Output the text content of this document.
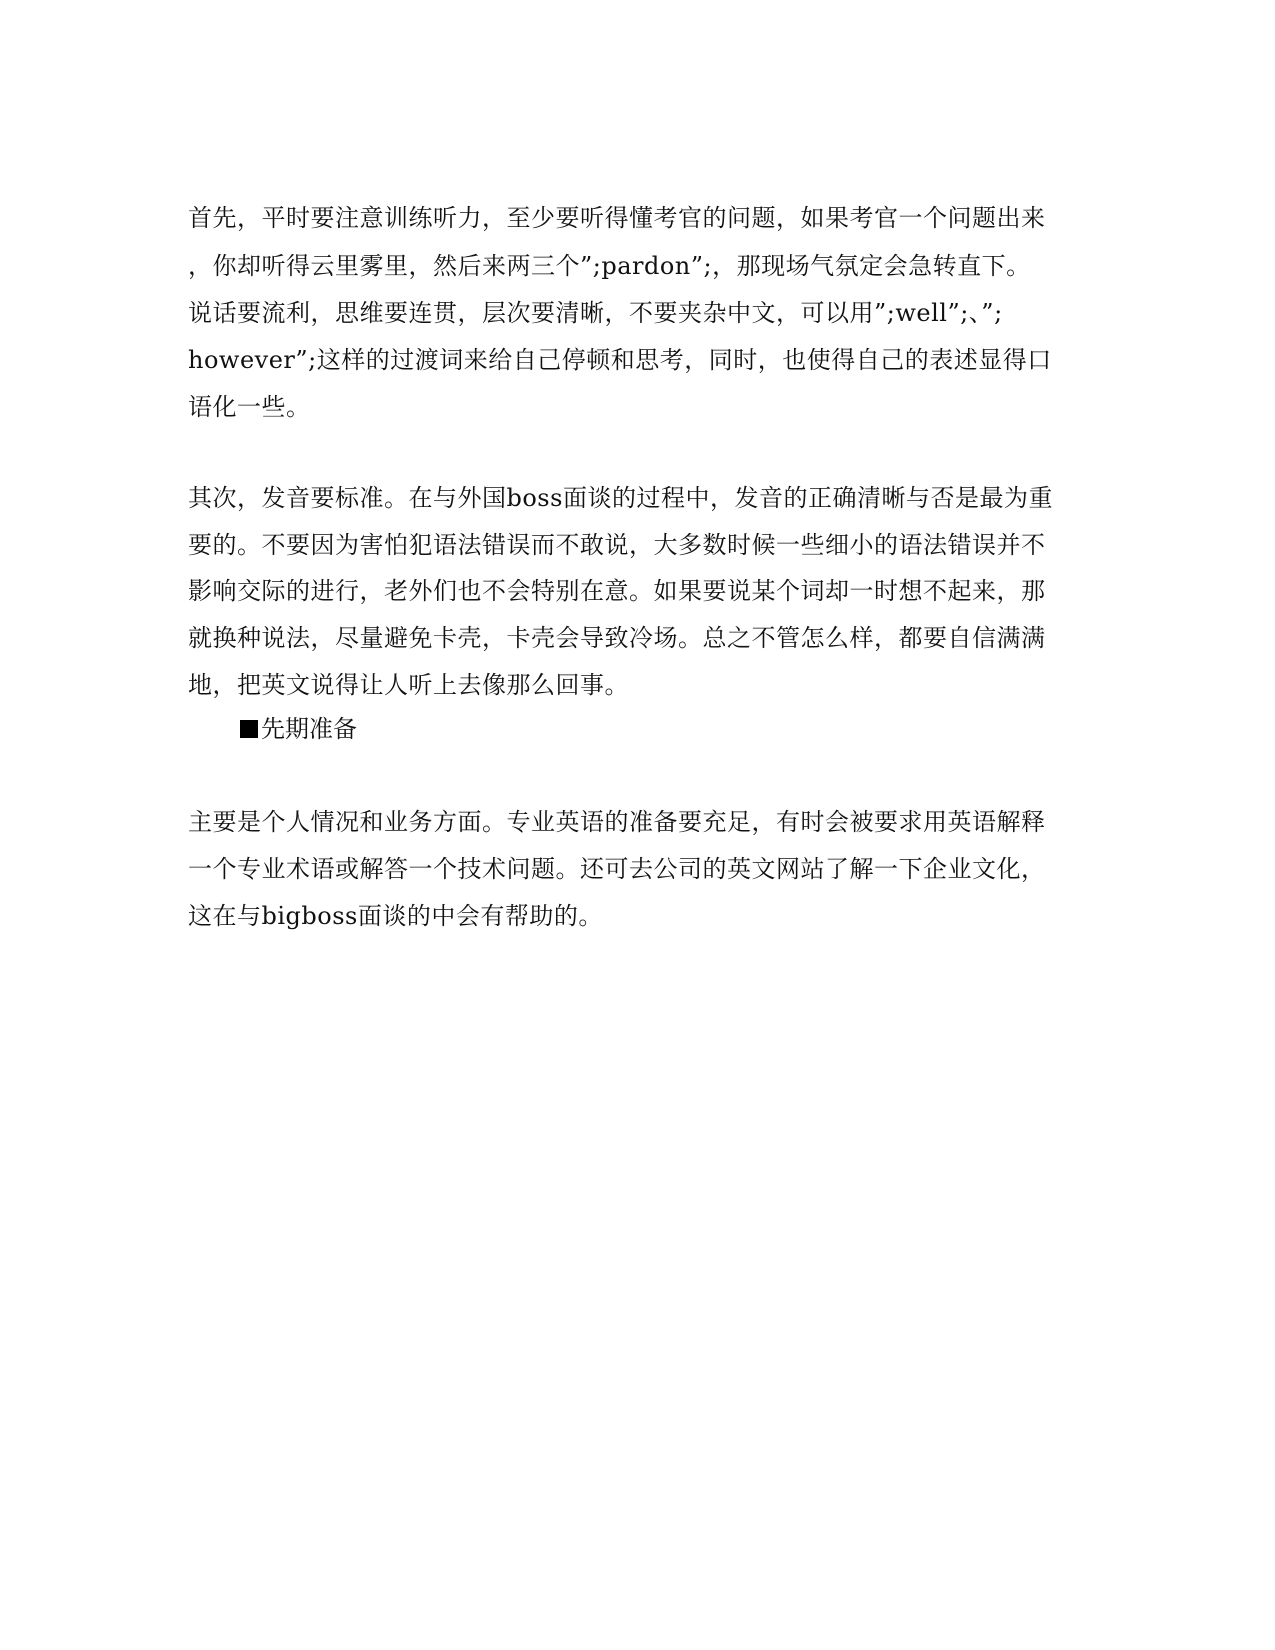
首先，平时要注意训练听力，至少要听得懂考官的问题，如果考官一个问题出来
，你却听得云里雾里，然后来两三个”;pardon”;，那现场气氛定会急转直下。
说话要流利，思维要连贯，层次要清晰，不要夹杂中文，可以用”;well”;、”;
however”;这样的过渡词来给自己停顿和思考，同时，也使得自己的表述显得口
语化一些。
其次，发音要标准。在与外国boss面谈的过程中，发音的正确清晰与否是最为重
要的。不要因为害怕犯语法错误而不敢说，大多数时候一些细小的语法错误并不
影响交际的进行，老外们也不会特别在意。如果要说某个词却一时想不起来，那
就换种说法，尽量避免卡壳，卡壳会导致冷场。总之不管怎么样，都要自信满满
地，把英文说得让人听上去像那么回事。
先期准备
主要是个人情况和业务方面。专业英语的准备要充足，有时会被要求用英语解释
一个专业术语或解答一个技术问题。还可去公司的英文网站了解一下企业文化，
这在与bigboss面谈的中会有帮助的。
